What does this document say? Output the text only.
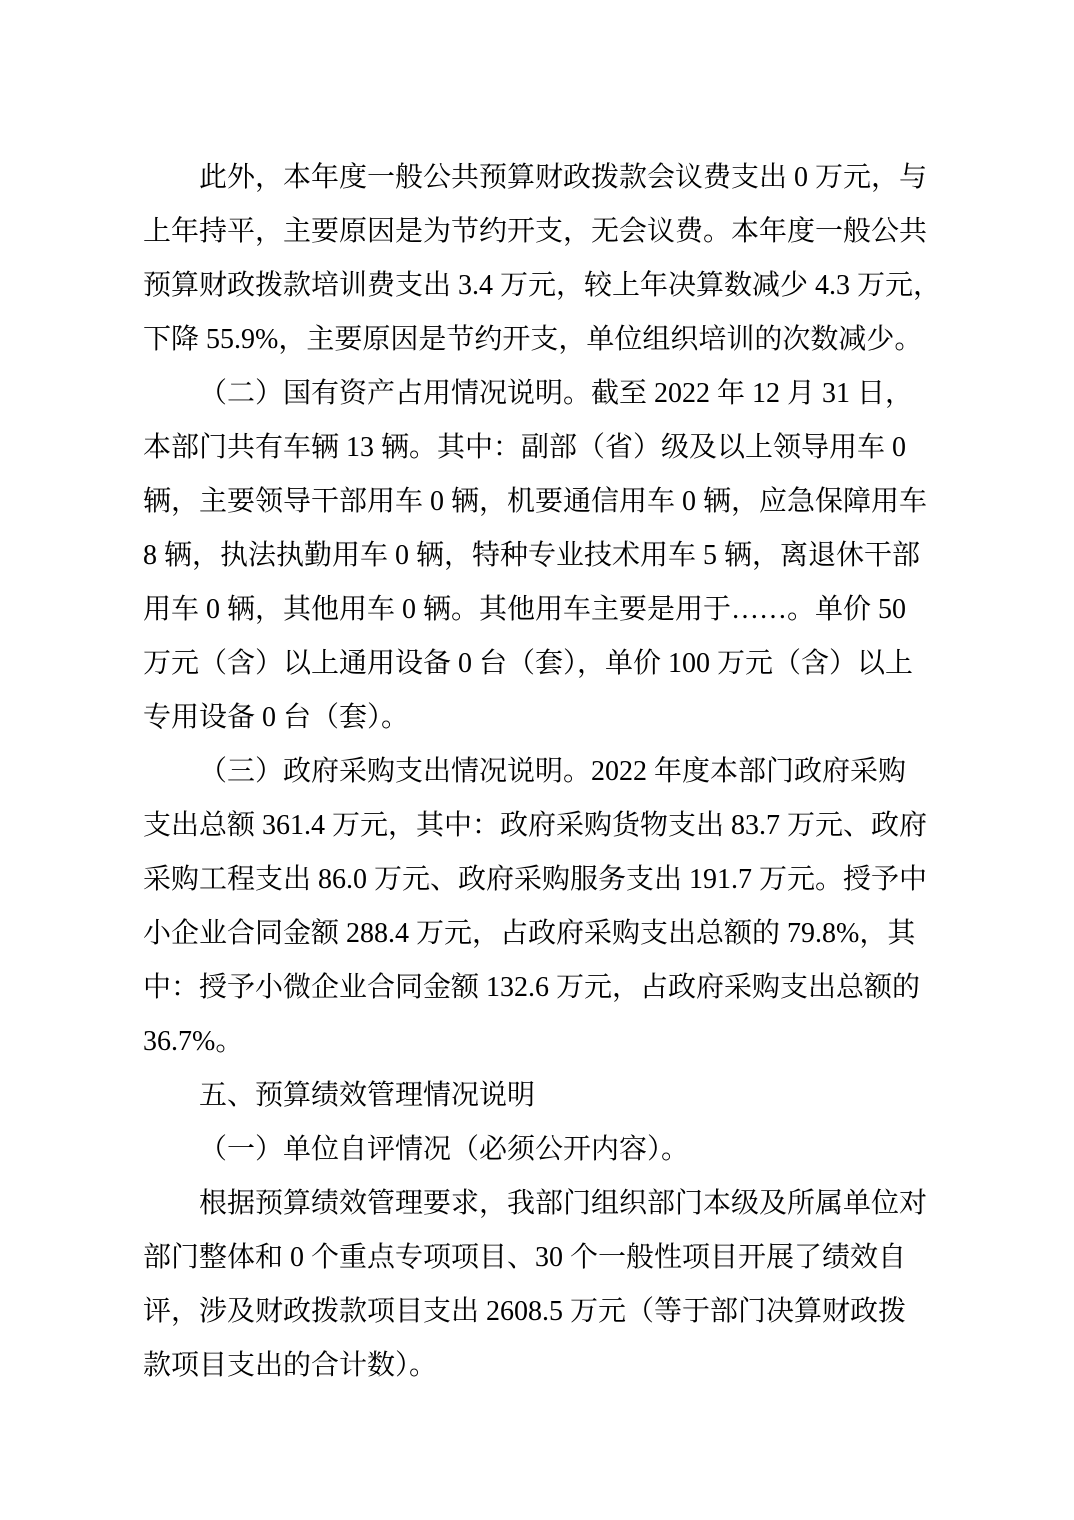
此外，本年度一般公共预算财政拨款会议费支出 0 万元，与
上年持平，主要原因是为节约开支，无会议费。本年度一般公共
预算财政拨款培训费支出 3.4 万元，较上年决算数减少 4.3 万元，
下降 55.9%，主要原因是节约开支，单位组织培训的次数减少。
（二）国有资产占用情况说明。截至 2022 年 12 月 31 日，
本部门共有车辆 13 辆。其中：副部（省）级及以上领导用车 0
辆，主要领导干部用车 0 辆，机要通信用车 0 辆，应急保障用车
8 辆，执法执勤用车 0 辆，特种专业技术用车 5 辆，离退休干部
用车 0 辆，其他用车 0 辆。其他用车主要是用于……。单价 50
万元（含）以上通用设备 0 台（套），单价 100 万元（含）以上
专用设备 0 台（套）。
（三）政府采购支出情况说明。2022 年度本部门政府采购
支出总额 361.4 万元，其中：政府采购货物支出 83.7 万元、政府
采购工程支出 86.0 万元、政府采购服务支出 191.7 万元。授予中
小企业合同金额 288.4 万元，占政府采购支出总额的 79.8%，其
中：授予小微企业合同金额 132.6 万元，占政府采购支出总额的
36.7%。
五、预算绩效管理情况说明
（一）单位自评情况（必须公开内容）。
根据预算绩效管理要求，我部门组织部门本级及所属单位对
部门整体和 0 个重点专项项目、30 个一般性项目开展了绩效自
评，涉及财政拨款项目支出 2608.5 万元（等于部门决算财政拨
款项目支出的合计数）。
